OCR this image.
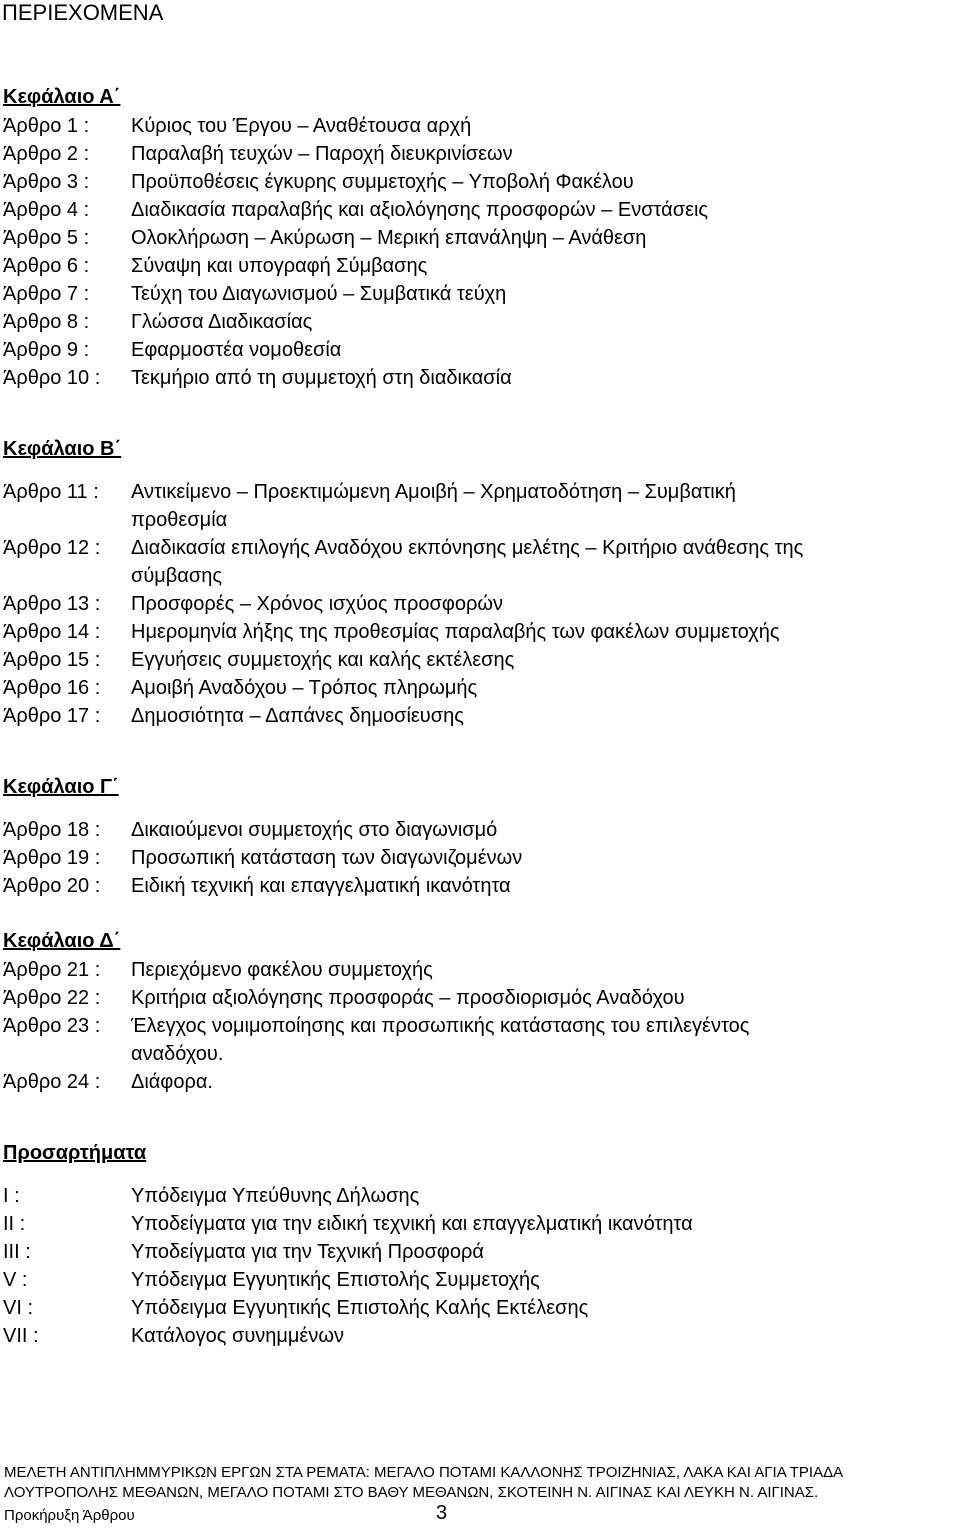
ΠΕΡΙΕΧΟΜΕΝΑ
Κεφάλαιο Α΄
Άρθρο 1 : Κύριος του Έργου – Αναθέτουσα αρχή
Άρθρο 2 : Παραλαβή τευχών – Παροχή διευκρινίσεων
Άρθρο 3 : Προϋποθέσεις έγκυρης συμμετοχής – Υποβολή Φακέλου
Άρθρο 4 : Διαδικασία παραλαβής και αξιολόγησης προσφορών – Ενστάσεις
Άρθρο 5 : Ολοκλήρωση – Ακύρωση – Μερική επανάληψη – Ανάθεση
Άρθρο 6 : Σύναψη και υπογραφή Σύμβασης
Άρθρο 7 : Τεύχη του Διαγωνισμού – Συμβατικά τεύχη
Άρθρο 8 : Γλώσσα Διαδικασίας
Άρθρο 9 : Εφαρμοστέα νομοθεσία
Άρθρο 10 : Τεκμήριο από τη συμμετοχή στη διαδικασία
Κεφάλαιο Β΄
Άρθρο 11 : Αντικείμενο – Προεκτιμώμενη Αμοιβή – Χρηματοδότηση – Συμβατική
προθεσμία
Άρθρο 12 : Διαδικασία επιλογής Αναδόχου εκπόνησης μελέτης – Κριτήριο ανάθεσης της
σύμβασης
Άρθρο 13 : Προσφορές – Χρόνος ισχύος προσφορών
Άρθρο 14 : Ημερομηνία λήξης της προθεσμίας παραλαβής των φακέλων συμμετοχής
Άρθρο 15 : Εγγυήσεις συμμετοχής και καλής εκτέλεσης
Άρθρο 16 : Αμοιβή Αναδόχου – Τρόπος πληρωμής
Άρθρο 17 : Δημοσιότητα – Δαπάνες δημοσίευσης
Κεφάλαιο Γ΄
Άρθρο 18 : Δικαιούμενοι συμμετοχής στο διαγωνισμό
Άρθρο 19 : Προσωπική κατάσταση των διαγωνιζομένων
Άρθρο 20 : Ειδική τεχνική και επαγγελματική ικανότητα
Κεφάλαιο Δ΄
Άρθρο 21 : Περιεχόμενο φακέλου συμμετοχής
Άρθρο 22 : Κριτήρια αξιολόγησης προσφοράς – προσδιορισμός Αναδόχου
Άρθρο 23 : Έλεγχος νομιμοποίησης και προσωπικής κατάστασης του επιλεγέντος
αναδόχου.
Άρθρο 24 : Διάφορα.
Προσαρτήματα
I :	Υπόδειγμα Υπεύθυνης Δήλωσης
II :	Υποδείγματα για την ειδική τεχνική και επαγγελματική ικανότητα
III :	Υποδείγματα για την Τεχνική Προσφορά
V :	Υπόδειγμα Εγγυητικής Επιστολής Συμμετοχής
VI :	Υπόδειγμα Εγγυητικής Επιστολής Καλής Εκτέλεσης
VII :	Κατάλογος συνημμένων
ΜΕΛΕΤΗ ΑΝΤΙΠΛΗΜΜΥΡΙΚΩΝ ΕΡΓΩΝ ΣΤΑ ΡΕΜΑΤΑ: ΜΕΓΑΛΟ ΠΟΤΑΜΙ ΚΑΛΛΟΝΗΣ ΤΡΟΙΖΗΝΙΑΣ, ΛΑΚΑ ΚΑΙ ΑΓΙΑ ΤΡΙΑΔΑ
ΛΟΥΤΡΟΠΟΛΗΣ ΜΕΘΑΝΩΝ, ΜΕΓΑΛΟ ΠΟΤΑΜΙ ΣΤΟ ΒΑΘΥ ΜΕΘΑΝΩΝ, ΣΚΟΤΕΙΝΗ Ν. ΑΙΓΙΝΑΣ ΚΑΙ ΛΕΥΚΗ Ν. ΑΙΓΙΝΑΣ.
Προκήρυξη Άρθρου	3
